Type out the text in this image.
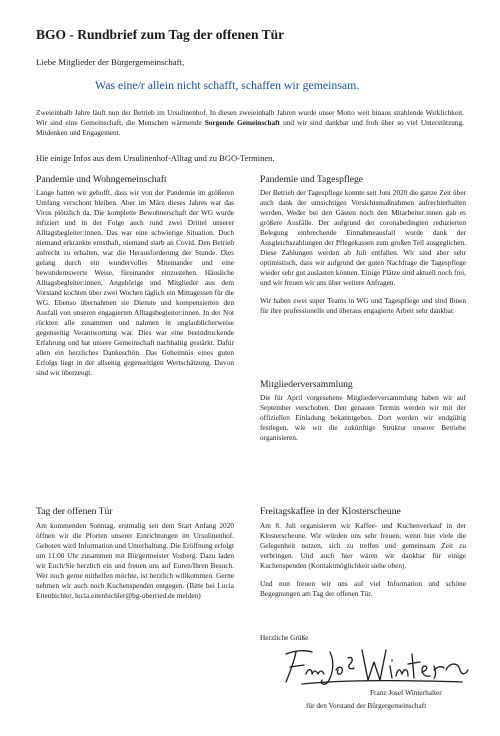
BGO - Rundbrief zum Tag der offenen Tür
Liebe Mitglieder der Bürgergemeinschaft,
Was eine/r allein nicht schafft, schaffen wir gemeinsam.
Zweieinhalb Jahre läuft nun der Betrieb im Ursulinenhof. In diesen zweieinhalb Jahren wurde unser Motto weit hinaus strahlende Wirklichkeit. Wir sind eine Gemeinschaft, die Menschen wärmende Sorgende Gemeinschaft und wir sind dankbar und froh über so viel Unterstützung, Mitdenken und Engagement.
Hie einige Infos aus dem Ursulinenhof-Alltag und zu BGO-Terminen.
Pandemie und Wohngemeinschaft

Lange hatten wir gehofft, dass wir von der Pandemie im größeren Umfang verschont bleiben. Aber im März dieses Jahres war das Virus plötzlich da. Die komplette Bewohnerschaft der WG wurde infiziert und in der Folge auch rund zwei Drittel unserer Alltagsbegleiter:innen. Das war eine schwierige Situation. Doch niemand erkrankte ernsthaft, niemand starb an Covid. Den Betrieb aufrecht zu erhalten, war die Herausforderung der Stunde. Dies gelang durch ein wundervolles Miteinander und eine bewundernswerte Weise, füreinander einzustehen. Häusliche Alltagsbegleiter:innen, Angehörige und Mitglieder aus dem Vorstand kochten über zwei Wochen täglich ein Mittagessen für die WG. Ebenso übernahmen sie Dienste und kompensierten den Ausfall von unseren engagierten Alltagsbegleiter:innen. In der Not rückten alle zusammen und nahmen in unglaublicherweise gegenseitig Verantwortung war. Dies war eine beeindruckende Erfahrung und hat unsere Gemeinschaft nachhaltig gestärkt. Dafür allen ein herzliches Dankeschön. Das Geheimnis eines guten Erfolgs liegt in der allseitig gegenseitigen Wertschätzung. Davon sind wir überzeugt.

Pandemie und Tagespflege

Der Betrieb der Tagespflege konnte seit Juni 2020 die ganze Zeit über auch dank der umsichtigen Vorsichtsmaßnahmen aufrechterhalten werden. Weder bei den Gästen noch den Mitarbeiter:innen gab es größere Ausfälle. Der aufgrund der coronabedingten reduzierten Belegung einbrechende Einnahmeausfall wurde dank der Ausgleichszahlungen der Pflegekassen zum großen Teil ausgeglichen. Diese Zahlungen werden ab Juli entfallen. Wir sind aber sehr optimistisch, dass wir aufgrund der guten Nachfrage die Tagespflege wieder sehr gut auslasten können. Einige Plätze sind aktuell noch frei, und wir freuen wir uns über weitere Anfragen.

Wir haben zwei super Teams in WG und Tagespflege und sind Ihnen für ihre professionelle und überaus engagierte Arbeit sehr dankbar.

Mitgliederversammlung

Die für April vorgesehene Mitgliederversammlung haben wir auf September verschoben. Den genauen Termin werden wir mit der offiziellen Einladung bekanntgeben. Dort werden wir endgültig festlegen, wie wir die zukünftige Struktur unserer Betriebe organisieren.

Tag der offenen Tür

Am kommenden Sonntag, erstmalig seit dem Start Anfang 2020 öffnen wir die Pforten unserer Einrichtungen im Ursulinenhof. Geboten wird Information und Unterhaltung. Die Eröffnung erfolgt um 11:00 Uhr zusammen mit Bürgermeister Vosberg. Dazu laden wir Euch/Sie herzlich ein und freuen uns auf Euren/Ihren Besuch. Wer noch gerne mithelfen möchte, ist herzlich willkommen. Gerne nehmen wir auch noch Kuchenspenden entgegen. (Bitte bei Lucia Eitenbichler, lucia.eitenbichler@bg-oberried.de melden)

Freitagskaffee in der Klosterscheune

Am 8. Juli organisieren wir Kaffee- und Kuchenverkauf in der Klosterscheune. Wir würden uns sehr freuen, wenn hier viele die Gelegenheit nutzen, sich zu treffen und gemeinsam Zeit zu verbringen. Und auch hier wären wir dankbar für einige Kuchenspenden (Kontaktmöglichkeit siehe oben).

Und nun freuen wir uns auf viel Information und schöne Begegnungen am Tag der offenen Tür.

Herzliche Grüße
Franz Josef Winterhalter
für den Vorstand der Bürgergemeinschaft
